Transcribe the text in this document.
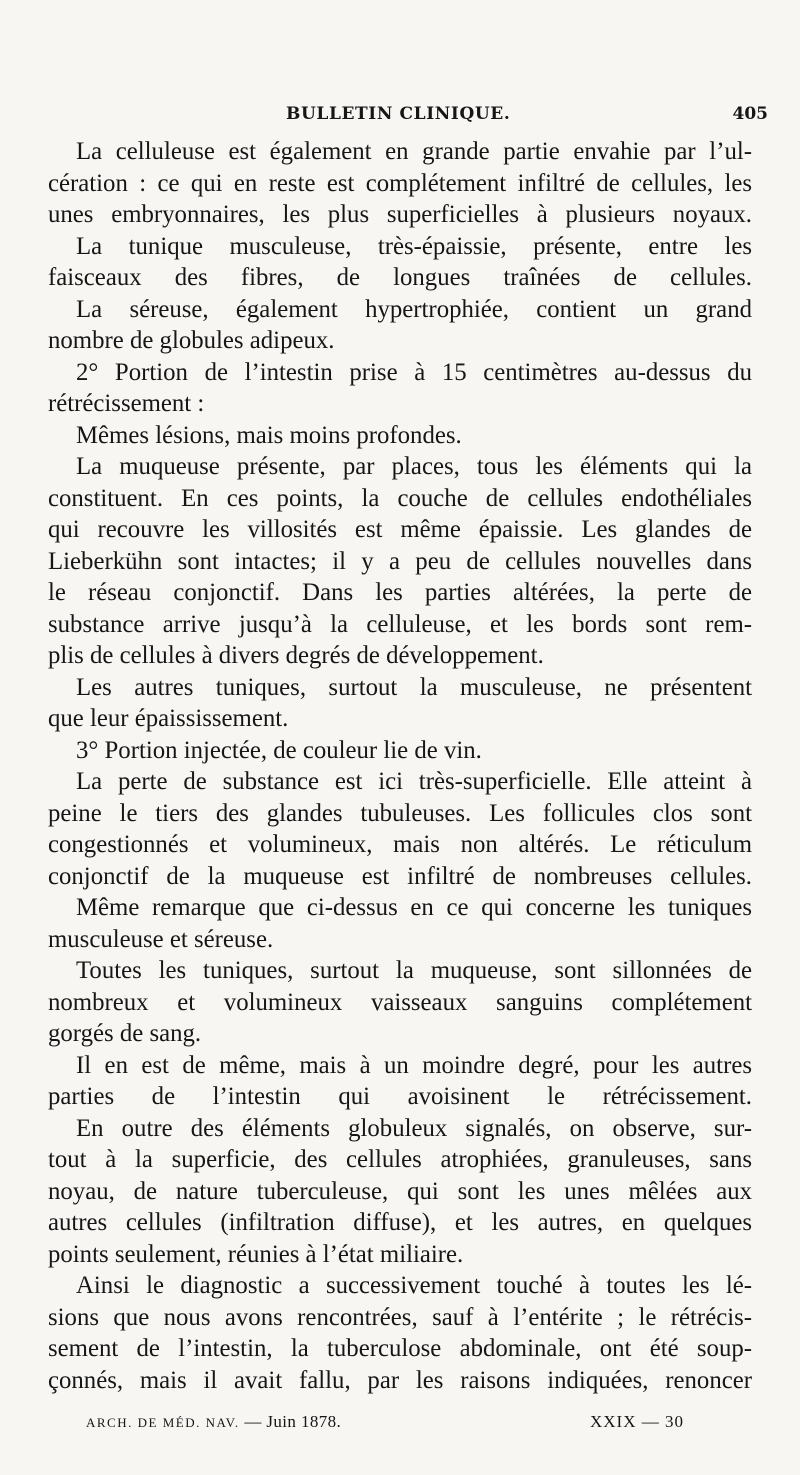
BULLETIN CLINIQUE.	405
La celluleuse est également en grande partie envahie par l’ul-
cération : ce qui en reste est complétement infiltré de cellules, les
unes embryonnaires, les plus superficielles à plusieurs noyaux.
La tunique musculeuse, très-épaissie, présente, entre les
faisceaux des fibres, de longues traînées de cellules.
La séreuse, également hypertrophiée, contient un grand
nombre de globules adipeux.
2° Portion de l’intestin prise à 15 centimètres au-dessus du
rétrécissement :
Mêmes lésions, mais moins profondes.
La muqueuse présente, par places, tous les éléments qui la
constituent. En ces points, la couche de cellules endothéliales
qui recouvre les villosités est même épaissie. Les glandes de
Lieberkühn sont intactes; il y a peu de cellules nouvelles dans
le réseau conjonctif. Dans les parties altérées, la perte de
substance arrive jusqu’à la celluleuse, et les bords sont rem-
plis de cellules à divers degrés de développement.
Les autres tuniques, surtout la musculeuse, ne présentent
que leur épaississement.
3° Portion injectée, de couleur lie de vin.
La perte de substance est ici très-superficielle. Elle atteint à
peine le tiers des glandes tubuleuses. Les follicules clos sont
congestionnés et volumineux, mais non altérés. Le réticulum
conjonctif de la muqueuse est infiltré de nombreuses cellules.
Même remarque que ci-dessus en ce qui concerne les tuniques
musculeuse et séreuse.
Toutes les tuniques, surtout la muqueuse, sont sillonnées de
nombreux et volumineux vaisseaux sanguins complétement
gorgés de sang.
Il en est de même, mais à un moindre degré, pour les autres
parties de l’intestin qui avoisinent le rétrécissement.
En outre des éléments globuleux signalés, on observe, sur-
tout à la superficie, des cellules atrophiées, granuleuses, sans
noyau, de nature tuberculeuse, qui sont les unes mêlées aux
autres cellules (infiltration diffuse), et les autres, en quelques
points seulement, réunies à l’état miliaire.
Ainsi le diagnostic a successivement touché à toutes les lé-
sions que nous avons rencontrées, sauf à l’entérite ; le rétrécis-
sement de l’intestin, la tuberculose abdominale, ont été soup-
çonnés, mais il avait fallu, par les raisons indiquées, renoncer
ARCH. DE MÉD. NAV. — Juin 1878.	XXIX — 30
